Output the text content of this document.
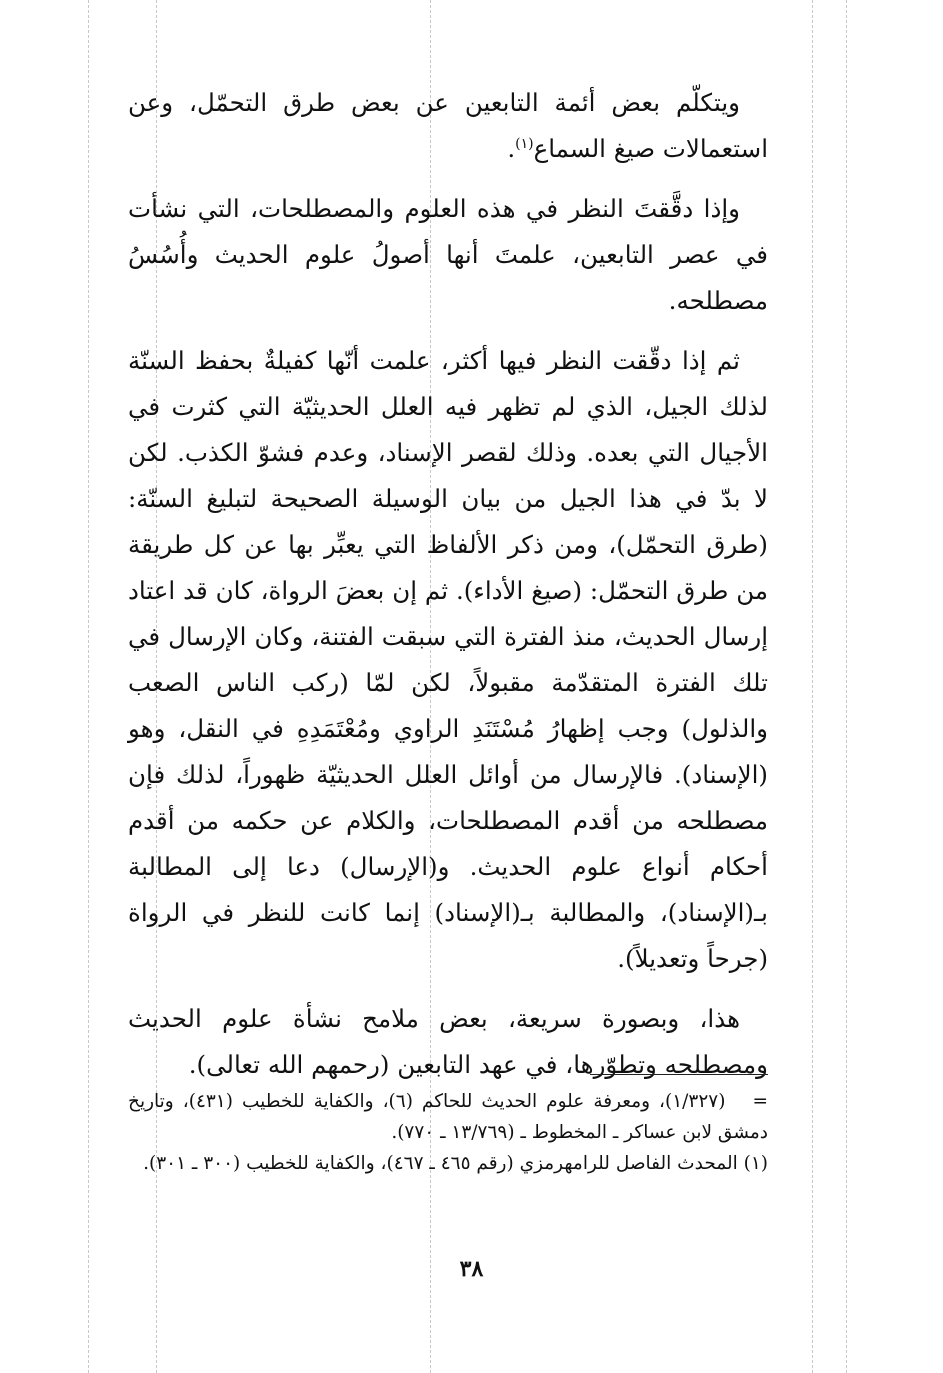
ويتكلّم بعض أئمة التابعين عن بعض طرق التحمّل، وعن استعمالات صيغ السماع$^{(١)}$.

وإذا دقَّقتَ النظر في هذه العلوم والمصطلحات، التي نشأت في عصر التابعين، علمتَ أنها أصولُ علوم الحديث وأُسُسُ مصطلحه.

ثم إذا دقّقت النظر فيها أكثر، علمت أنّها كفيلةٌ بحفظ السنّة لذلك الجيل، الذي لم تظهر فيه العلل الحديثيّة التي كثرت في الأجيال التي بعده. وذلك لقصر الإسناد، وعدم فشوّ الكذب. لكن لا بدّ في هذا الجيل من بيان الوسيلة الصحيحة لتبليغ السنّة: (طرق التحمّل)، ومن ذكر الألفاظ التي يعبِّر بها عن كل طريقة من طرق التحمّل: (صيغ الأداء). ثم إن بعضَ الرواة، كان قد اعتاد إرسال الحديث، منذ الفترة التي سبقت الفتنة، وكان الإرسال في تلك الفترة المتقدّمة مقبولاً، لكن لمّا (ركب الناس الصعب والذلول) وجب إظهارُ مُسْتَنَدِ الراوي ومُعْتَمَدِهِ في النقل، وهو (الإسناد). فالإرسال من أوائل العلل الحديثيّة ظهوراً، لذلك فإن مصطلحه من أقدم المصطلحات، والكلام عن حكمه من أقدم أحكام أنواع علوم الحديث. و(الإرسال) دعا إلى المطالبة بـ(الإسناد)، والمطالبة بـ(الإسناد) إنما كانت للنظر في الرواة (جرحاً وتعديلاً).

هذا، وبصورة سريعة، بعض ملامح نشأة علوم الحديث ومصطلحه وتطوّرها، في عهد التابعين (رحمهم الله تعالى).

=   (١/٣٢٧)، ومعرفة علوم الحديث للحاكم (٦)، والكفاية للخطيب (٤٣١)، وتاريخ دمشق لابن عساكر ـ المخطوط ـ (١٣/٧٦٩ ـ ٧٧٠).

(١) المحدث الفاصل للرامهرمزي (رقم ٤٦٥ ـ ٤٦٧)، والكفاية للخطيب (٣٠٠ ـ ٣٠١).

٣٨
